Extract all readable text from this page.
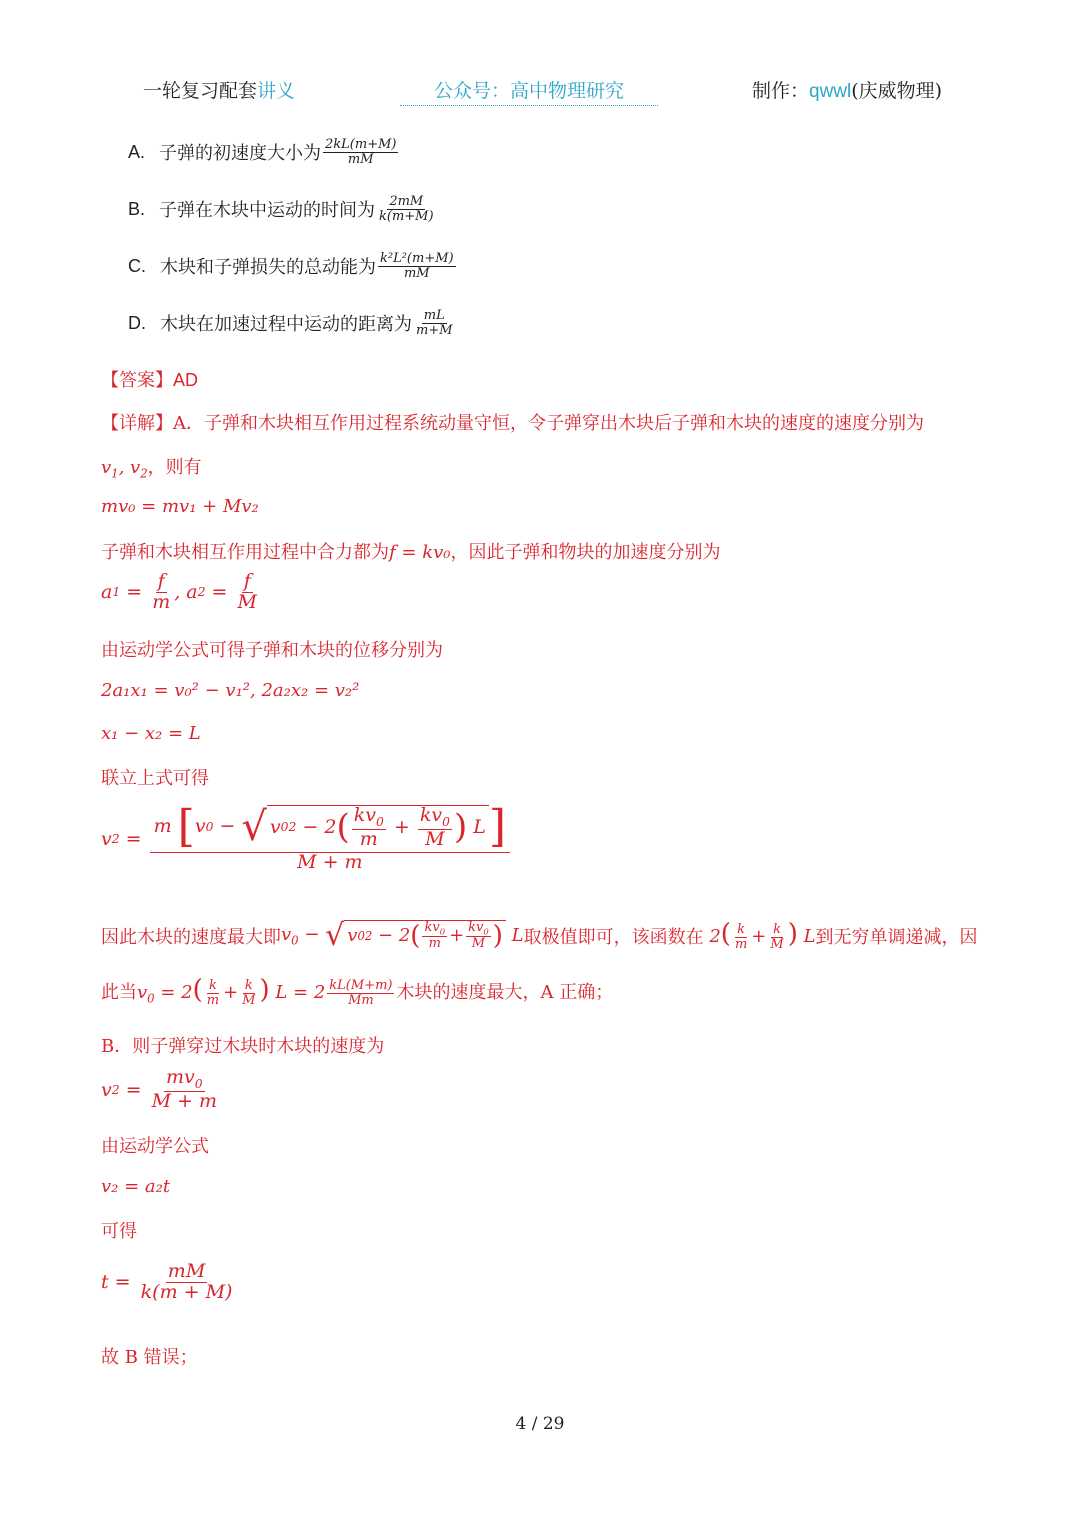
一轮复习配套讲义	公众号：高中物理研究	制作：qwwl(庆威物理)
A. 子弹的初速度大小为 $\frac{2kL(m+M)}{mM}$
B. 子弹在木块中运动的时间为 $\frac{2mM}{k(m+M)}$
C. 木块和子弹损失的总动能为 $\frac{\text{k²L²(m+M)}}{mM}$
D. 木块在加速过程中运动的距离为 $\frac{mL}{m+M}$
【答案】AD
【详解】A．子弹和木块相互作用过程系统动量守恒，令子弹穿出木块后子弹和木块的速度的速度分别为
$v_1$, $v_2$，则有
mv₀ = mv₁ + Mv₂
子弹和木块相互作用过程中合力都为f = kv₀，因此子弹和物块的加速度分别为
a $1 = \frac{f}{m}$ , a $2 = \frac{f}{M}$
由运动学公式可得子弹和木块的位移分别为
2a₁x₁ = v₀² − v₁², 2a₂x₂ = v₂²
x₁ − x₂ = L
联立上式可得
v $2 = \frac{m [ v 0 - √ v 0 2 - 2 ( \frac{kv_0}{m} + \frac{kv_0}{M} ) L ]}{M + m}$
因此木块的速度最大即 $v_0$ − √ v 0 2 − 2 ( $\frac{kv_0}{m} + \frac{kv_0}{M}$ ) L 取极值即可，该函数在 $2( \frac{k}{m} + \frac{k}{M}$ ) L 到无穷单调递减，因
此当 $v_0 = 2( \frac{k}{m} + \frac{k}{M}$ ) $L = 2 \frac{kL(M+m)}{Mm}$ 木块的速度最大，A 正确；
B．则子弹穿过木块时木块的速度为
v $2 = \frac{mv_0}{M + m}$
由运动学公式
v₂ = a₂t
可得
$t = \frac{mM}{k(m + M)}$
故 B 错误；
4 / 29
